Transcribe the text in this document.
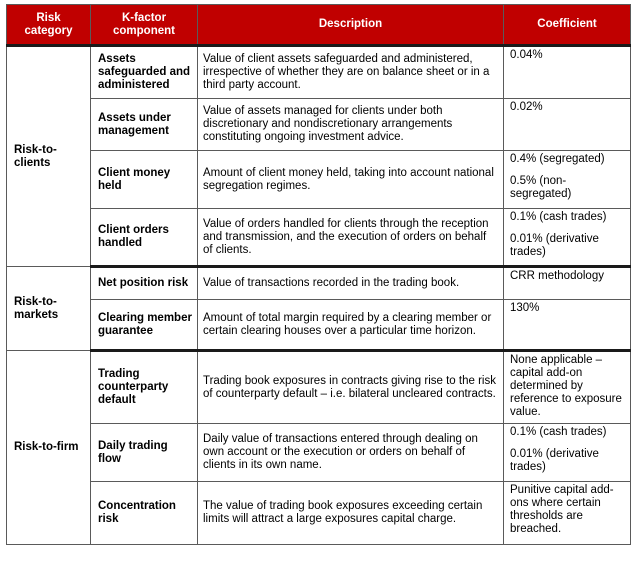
Risk category	K-factor component	Description	Coefficient
Risk-to-clients	Assets safeguarded and administered	Value of client assets safeguarded and administered, irrespective of whether they are on balance sheet or in a third party account.	0.04%

	Assets under management	Value of assets managed for clients under both discretionary and nondiscretionary arrangements constituting ongoing investment advice.	0.02%

	Client money held	Amount of client money held, taking into account national segregation regimes.	0.4% (segregated)

0.5% (non-segregated)

	Client orders handled	Value of orders handled for clients through the reception and transmission, and the execution of orders on behalf of clients.	0.1% (cash trades)

0.01% (derivative trades)

Risk-to-markets	Net position risk	Value of transactions recorded in the trading book.	CRR methodology

	Clearing member guarantee	Amount of total margin required by a clearing member or certain clearing houses over a particular time horizon.	130%

Risk-to-firm	Trading counterparty default	Trading book exposures in contracts giving rise to the risk of counterparty default – i.e. bilateral uncleared contracts.	None applicable – capital add-on determined by reference to exposure value.

	Daily trading flow	Daily value of transactions entered through dealing on own account or the execution or orders on behalf of clients in its own name.	0.1% (cash trades)

0.01% (derivative trades)

	Concentration risk	The value of trading book exposures exceeding certain limits will attract a large exposures capital charge.	Punitive capital add-ons where certain thresholds are breached.
